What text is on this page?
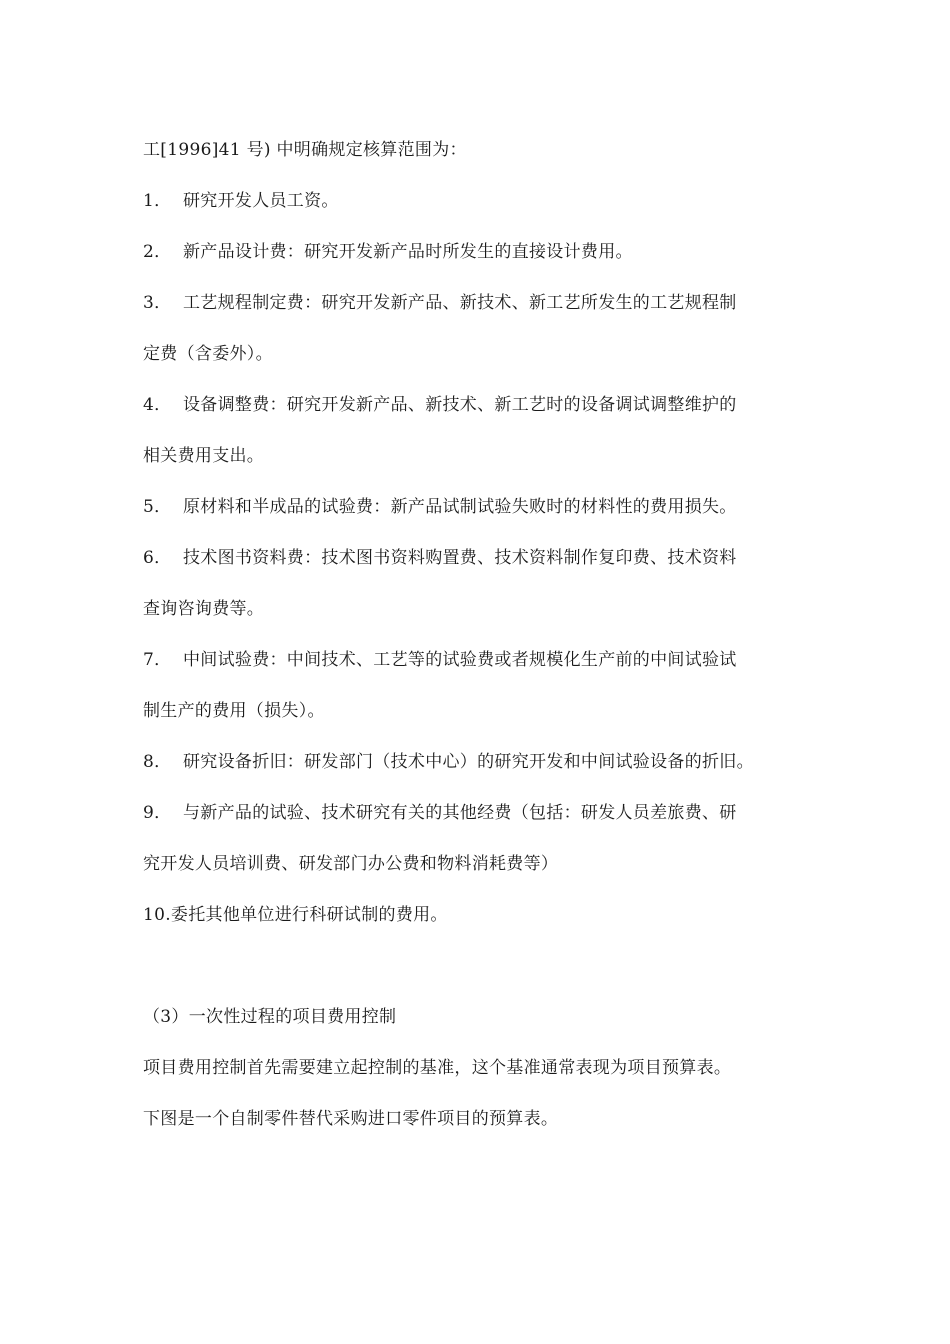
工[1996]41 号) 中明确规定核算范围为：
1． 研究开发人员工资。
2． 新产品设计费：研究开发新产品时所发生的直接设计费用。
3． 工艺规程制定费：研究开发新产品、新技术、新工艺所发生的工艺规程制
定费（含委外）。
4． 设备调整费：研究开发新产品、新技术、新工艺时的设备调试调整维护的
相关费用支出。
5． 原材料和半成品的试验费：新产品试制试验失败时的材料性的费用损失。
6． 技术图书资料费：技术图书资料购置费、技术资料制作复印费、技术资料
查询咨询费等。
7． 中间试验费：中间技术、工艺等的试验费或者规模化生产前的中间试验试
制生产的费用（损失）。
8． 研究设备折旧：研发部门（技术中心）的研究开发和中间试验设备的折旧。
9． 与新产品的试验、技术研究有关的其他经费（包括：研发人员差旅费、研
究开发人员培训费、研发部门办公费和物料消耗费等）
10.委托其他单位进行科研试制的费用。
（3）一次性过程的项目费用控制
项目费用控制首先需要建立起控制的基准，这个基准通常表现为项目预算表。
下图是一个自制零件替代采购进口零件项目的预算表。
